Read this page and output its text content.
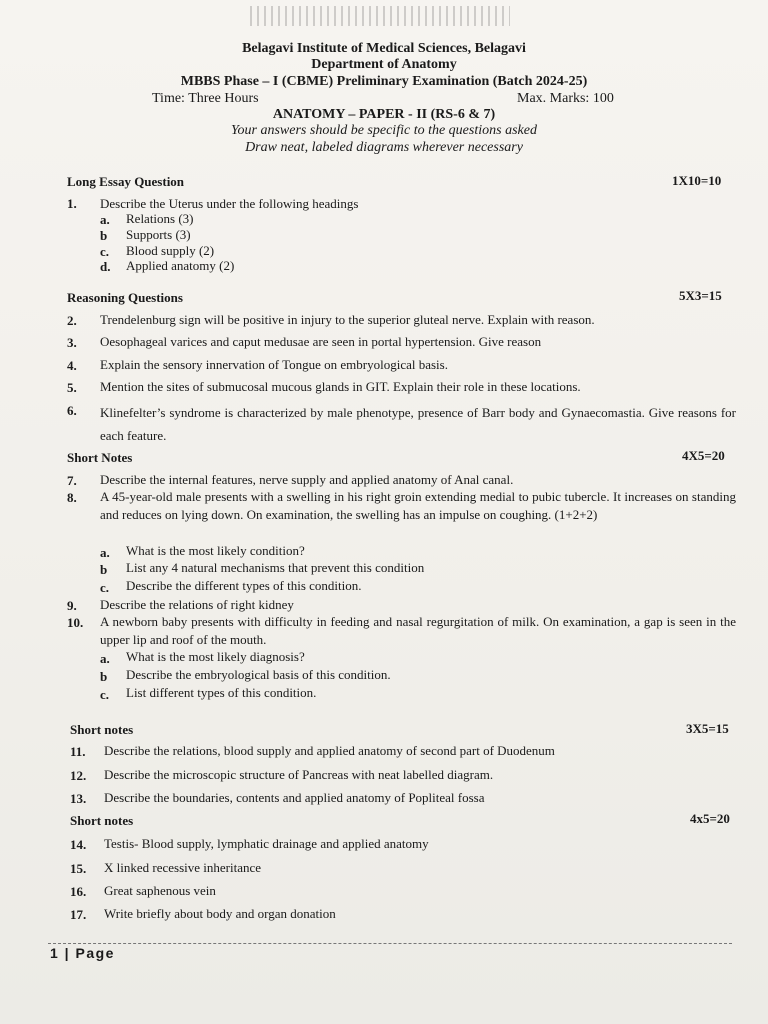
Belagavi Institute of Medical Sciences, Belagavi
Department of Anatomy
MBBS Phase – I (CBME) Preliminary Examination (Batch 2024-25)
Time: Three Hours	Max. Marks: 100
ANATOMY – PAPER - II (RS-6 & 7)
Your answers should be specific to the questions asked
Draw neat, labeled diagrams wherever necessary
Long Essay Question	1X10=10
1. Describe the Uterus under the following headings
a.	Relations (3)
b	Supports (3)
c.	Blood supply (2)
d.	Applied anatomy (2)
Reasoning Questions	5X3=15
2. Trendelenburg sign will be positive in injury to the superior gluteal nerve. Explain with reason.
3. Oesophageal varices and caput medusae are seen in portal hypertension. Give reason
4. Explain the sensory innervation of Tongue on embryological basis.
5. Mention the sites of submucosal mucous glands in GIT. Explain their role in these locations.
6. Klinefelter’s syndrome is characterized by male phenotype, presence of Barr body and Gynaecomastia. Give reasons for each feature.
Short Notes	4X5=20
7. Describe the internal features, nerve supply and applied anatomy of Anal canal.
8. A 45-year-old male presents with a swelling in his right groin extending medial to pubic tubercle. It increases on standing and reduces on lying down. On examination, the swelling has an impulse on coughing. (1+2+2)
a.	What is the most likely condition?
b	List any 4 natural mechanisms that prevent this condition
c.	Describe the different types of this condition.
9. Describe the relations of right kidney
10. A newborn baby presents with difficulty in feeding and nasal regurgitation of milk. On examination, a gap is seen in the upper lip and roof of the mouth.
a.	What is the most likely diagnosis?
b	Describe the embryological basis of this condition.
c.	List different types of this condition.
Short notes	3X5=15
11. Describe the relations, blood supply and applied anatomy of second part of Duodenum
12. Describe the microscopic structure of Pancreas with neat labelled diagram.
13. Describe the boundaries, contents and applied anatomy of Popliteal fossa
Short notes	4x5=20
14. Testis- Blood supply, lymphatic drainage and applied anatomy
15. X linked recessive inheritance
16. Great saphenous vein
17. Write briefly about body and organ donation
1 | Page
